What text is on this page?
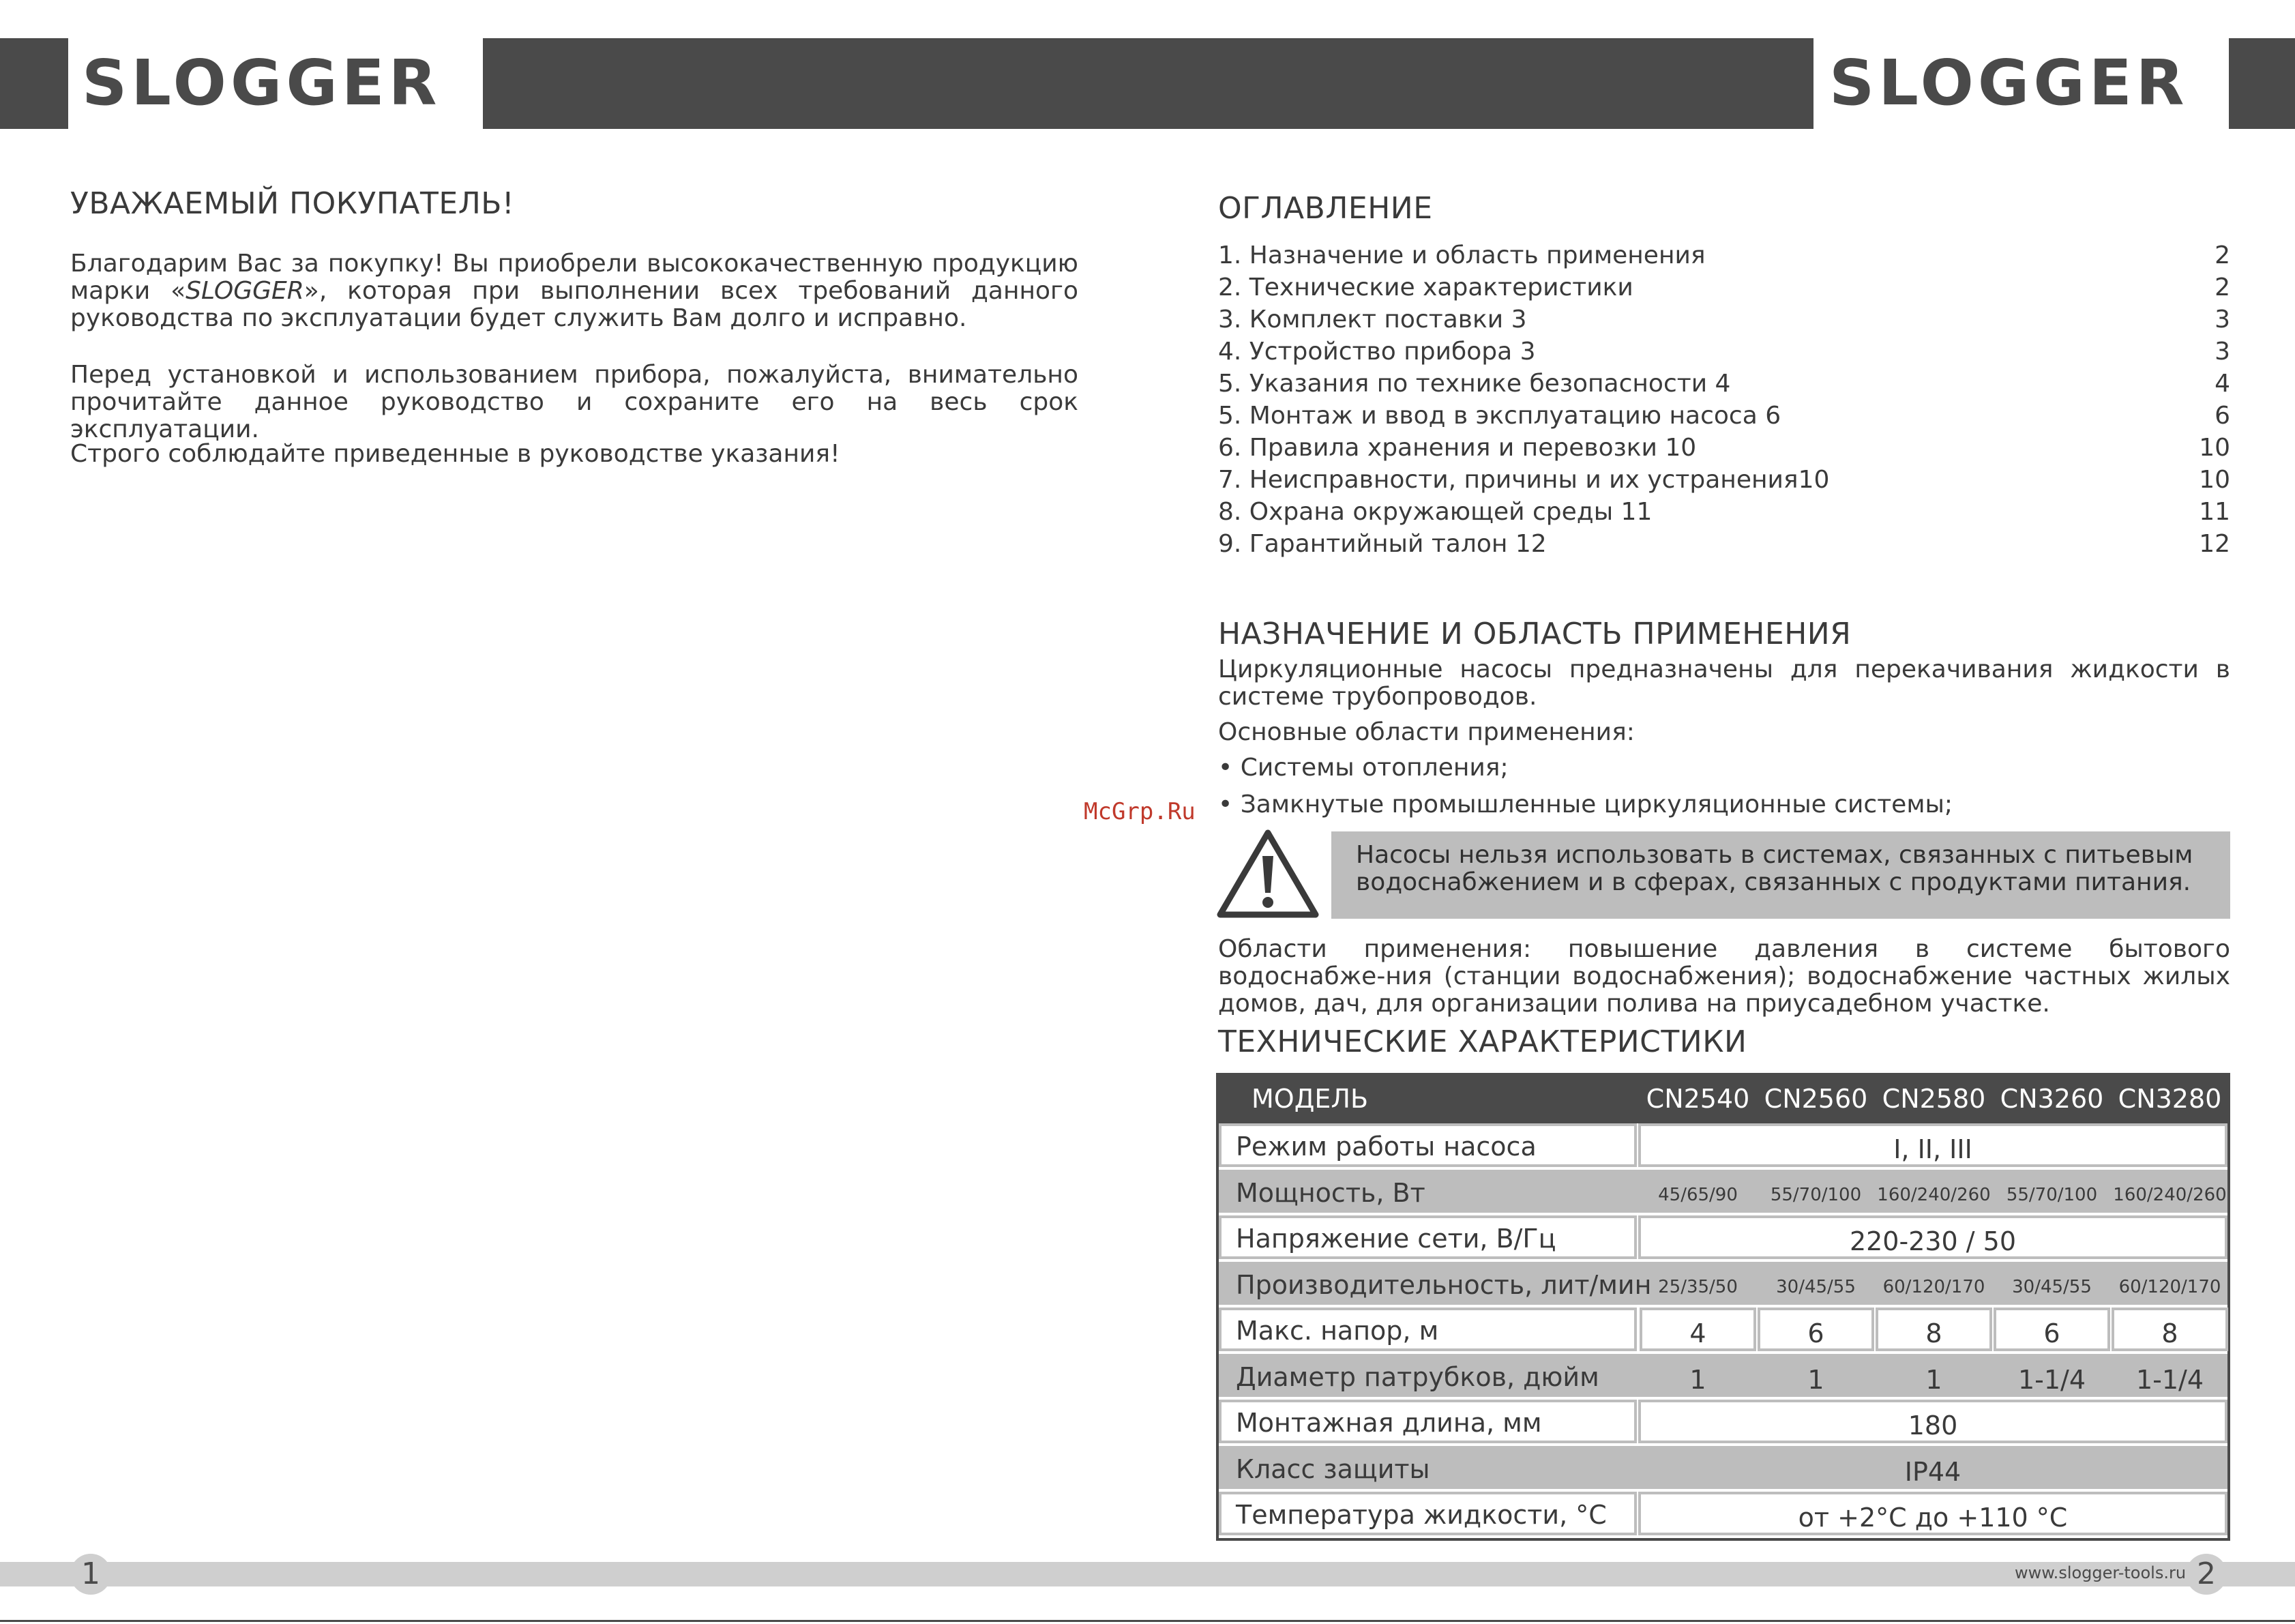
SLOGGER	SLOGGER
УВАЖАЕМЫЙ ПОКУПАТЕЛЬ!
Благодарим Вас за покупку! Вы приобрели высококачественную продукцию марки «SLOGGER», которая при выполнении всех требований данного руководства по эксплуатации будет служить Вам долго и исправно.
Перед установкой и использованием прибора, пожалуйста, внимательно прочитайте данное руководство и сохраните его на весь срок эксплуатации.
Строго соблюдайте приведенные в руководстве указания!
ОГЛАВЛЕНИЕ
1. Назначение и область применения	2
2. Технические характеристики	2
3. Комплект поставки 3	3
4. Устройство прибора 3	3
5. Указания по технике безопасности 4	4
5. Монтаж и ввод в эксплуатацию насоса 6	6
6. Правила хранения и перевозки 10	10
7. Неисправности, причины и их устранения10	10
8. Охрана окружающей среды 11	11
9. Гарантийный талон 12	12
НАЗНАЧЕНИЕ И ОБЛАСТЬ ПРИМЕНЕНИЯ
Циркуляционные насосы предназначены для перекачивания жидкости в системе трубопроводов.
Основные области применения:
• Системы отопления;
• Замкнутые промышленные циркуляционные системы;
McGrp.Ru
Насосы нельзя использовать в системах, связанных с питьевым водоснабжением и в сферах, связанных с продуктами питания.
Области применения: повышение давления в системе бытового водоснабже-ния (станции водоснабжения); водоснабжение частных жилых домов, дач, для организации полива на приусадебном участке.
ТЕХНИЧЕСКИЕ ХАРАКТЕРИСТИКИ
МОДЕЛЬ	CN2540 CN2560 CN2580 CN3260 CN3280
Режим работы насоса	I, II, III
Мощность, Вт	45/65/90	55/70/100 160/240/260 55/70/100 160/240/260
Напряжение сети, В/Гц	220-230 / 50
Производительность, лит/мин 25/35/50	30/45/55	60/120/170	30/45/55	60/120/170
Макс. напор, м	4	6	8	6	8
Диаметр патрубков, дюйм	1	1	1	1-1/4	1-1/4
Монтажная длина, мм	180
Класс защиты	IP44
Температура жидкости, °С	от +2°С до +110 °С
1	www.slogger-tools.ru 2
